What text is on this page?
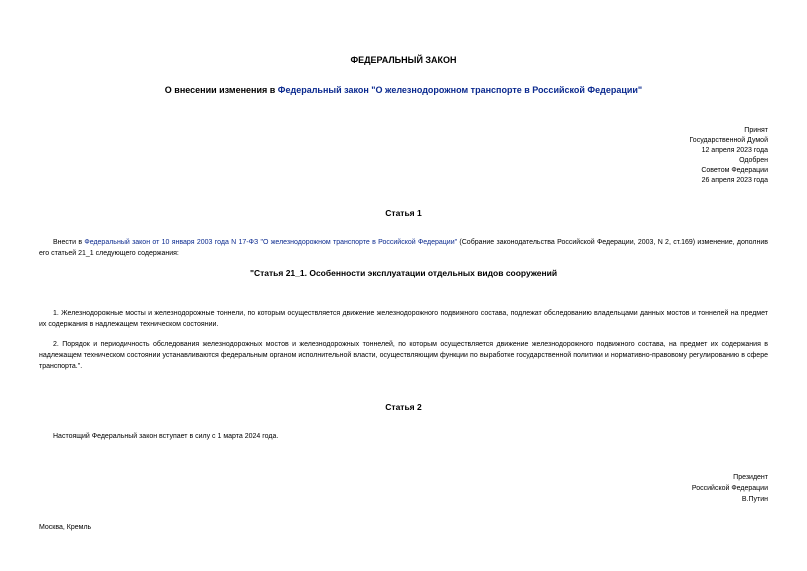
ФЕДЕРАЛЬНЫЙ ЗАКОН
О внесении изменения в Федеральный закон "О железнодорожном транспорте в Российской Федерации"
Принят
Государственной Думой
12 апреля 2023 года
Одобрен
Советом Федерации
26 апреля 2023 года
Статья 1
Внести в Федеральный закон от 10 января 2003 года N 17-ФЗ "О железнодорожном транспорте в Российской Федерации" (Собрание законодательства Российской Федерации, 2003, N 2, ст.169) изменение, дополнив его статьей 21_1 следующего содержания:
"Статья 21_1. Особенности эксплуатации отдельных видов сооружений
1. Железнодорожные мосты и железнодорожные тоннели, по которым осуществляется движение железнодорожного подвижного состава, подлежат обследованию владельцами данных мостов и тоннелей на предмет их содержания в надлежащем техническом состоянии.
2. Порядок и периодичность обследования железнодорожных мостов и железнодорожных тоннелей, по которым осуществляется движение железнодорожного подвижного состава, на предмет их содержания в надлежащем техническом состоянии устанавливаются федеральным органом исполнительной власти, осуществляющим функции по выработке государственной политики и нормативно-правовому регулированию в сфере транспорта.".
Статья 2
Настоящий Федеральный закон вступает в силу с 1 марта 2024 года.
Президент
Российской Федерации
В.Путин
Москва, Кремль
